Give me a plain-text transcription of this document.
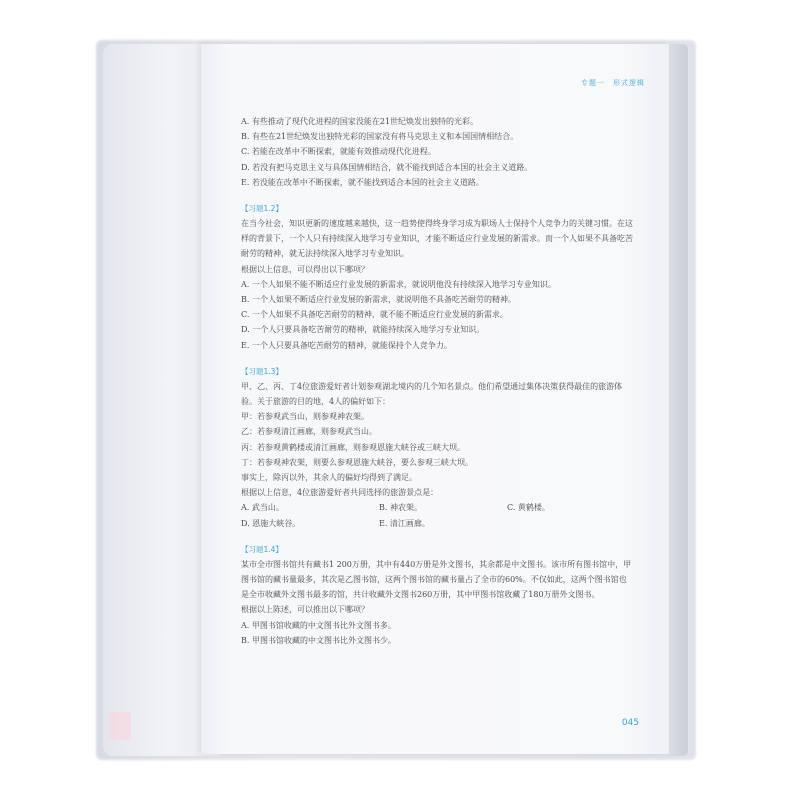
专题一　形式逻辑
A. 有些推动了现代化进程的国家没能在21世纪焕发出独特的光彩。
B. 有些在21世纪焕发出独特光彩的国家没有将马克思主义和本国国情相结合。
C. 若能在改革中不断探索，就能有效推动现代化进程。
D. 若没有把马克思主义与具体国情相结合，就不能找到适合本国的社会主义道路。
E. 若没能在改革中不断探索，就不能找到适合本国的社会主义道路。
【习题1.2】
在当今社会，知识更新的速度越来越快，这一趋势使得终身学习成为职场人士保持个人竞争力的关键习惯。在这样的背景下，一个人只有持续深入地学习专业知识，才能不断适应行业发展的新需求。而一个人如果不具备吃苦耐劳的精神，就无法持续深入地学习专业知识。
根据以上信息，可以得出以下哪项？
A. 一个人如果不能不断适应行业发展的新需求，就说明他没有持续深入地学习专业知识。
B. 一个人如果不断适应行业发展的新需求，就说明他不具备吃苦耐劳的精神。
C. 一个人如果不具备吃苦耐劳的精神，就不能不断适应行业发展的新需求。
D. 一个人只要具备吃苦耐劳的精神，就能持续深入地学习专业知识。
E. 一个人只要具备吃苦耐劳的精神，就能保持个人竞争力。
【习题1.3】
甲、乙、丙、丁4位旅游爱好者计划参观湖北境内的几个知名景点。他们希望通过集体决策获得最佳的旅游体验。关于旅游的目的地，4人的偏好如下：
甲：若参观武当山，则参观神农架。
乙：若参观清江画廊，则参观武当山。
丙：若参观黄鹤楼或清江画廊，则参观恩施大峡谷或三峡大坝。
丁：若参观神农架，则要么参观恩施大峡谷，要么参观三峡大坝。
事实上，除丙以外，其余人的偏好均得到了满足。
根据以上信息，4位旅游爱好者共同选择的旅游景点是：
A. 武当山。	B. 神农架。	C. 黄鹤楼。
D. 恩施大峡谷。	E. 清江画廊。
【习题1.4】
某市全市图书馆共有藏书1 200万册，其中有440万册是外文图书，其余都是中文图书。该市所有图书馆中，甲图书馆的藏书量最多，其次是乙图书馆，这两个图书馆的藏书量占了全市的60%。不仅如此，这两个图书馆也是全市收藏外文图书最多的馆，共计收藏外文图书260万册，其中甲图书馆收藏了180万册外文图书。
根据以上陈述，可以推出以下哪项？
A. 甲图书馆收藏的中文图书比外文图书多。
B. 甲图书馆收藏的中文图书比外文图书少。
045
